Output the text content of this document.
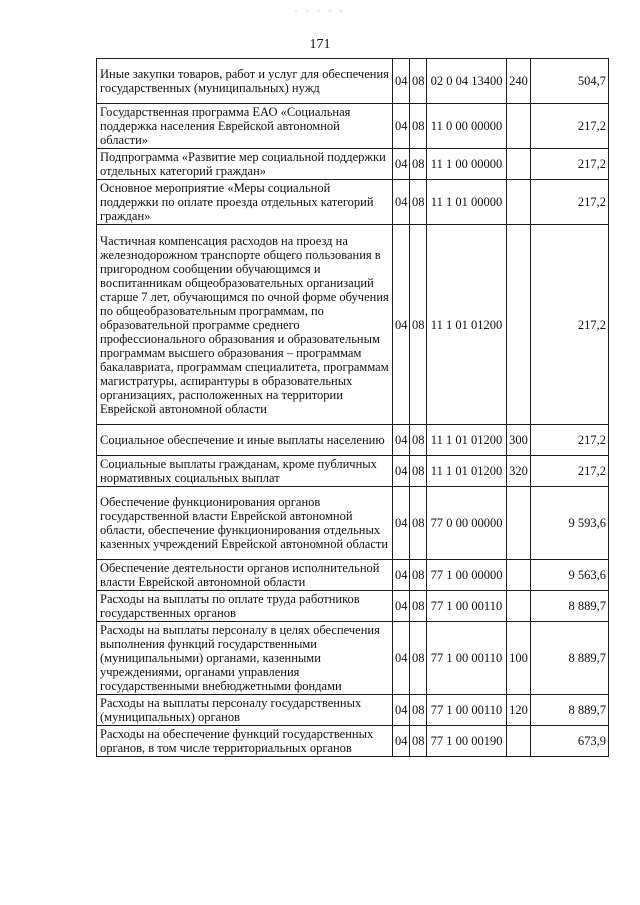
· · · · ·
171
Иные закупки товаров, работ и услуг для обеспечения государственных (муниципальных) нужд	04	08	02 0 04 13400	240	504,7
Государственная программа ЕАО «Социальная поддержка населения Еврейской автономной области»	04	08	11 0 00 00000		217,2
Подпрограмма «Развитие мер социальной поддержки отдельных категорий граждан»	04	08	11 1 00 00000		217,2
Основное мероприятие «Меры социальной поддержки по оплате проезда отдельных категорий граждан»	04	08	11 1 01 00000		217,2
Частичная компенсация расходов на проезд на железнодорожном транспорте общего пользования в пригородном сообщении обучающимся и воспитанникам общеобразовательных организаций старше 7 лет, обучающимся по очной форме обучения по общеобразовательным программам, по образовательной программе среднего профессионального образования и образовательным программам высшего образования – программам бакалавриата, программам специалитета, программам магистратуры, аспирантуры в образовательных организациях, расположенных на территории Еврейской автономной области	04	08	11 1 01 01200		217,2
Социальное обеспечение и иные выплаты населению	04	08	11 1 01 01200	300	217,2
Социальные выплаты гражданам, кроме публичных нормативных социальных выплат	04	08	11 1 01 01200	320	217,2
Обеспечение функционирования органов государственной власти Еврейской автономной области, обеспечение функционирования отдельных казенных учреждений Еврейской автономной области	04	08	77 0 00 00000		9 593,6
Обеспечение деятельности органов исполнительной власти Еврейской автономной области	04	08	77 1 00 00000		9 563,6
Расходы на выплаты по оплате труда работников государственных органов	04	08	77 1 00 00110		8 889,7
Расходы на выплаты персоналу в целях обеспечения выполнения функций государственными (муниципальными) органами, казенными учреждениями, органами управления государственными внебюджетными фондами	04	08	77 1 00 00110	100	8 889,7
Расходы на выплаты персоналу государственных (муниципальных) органов	04	08	77 1 00 00110	120	8 889,7
Расходы на обеспечение функций государственных органов, в том числе территориальных органов	04	08	77 1 00 00190		673,9
